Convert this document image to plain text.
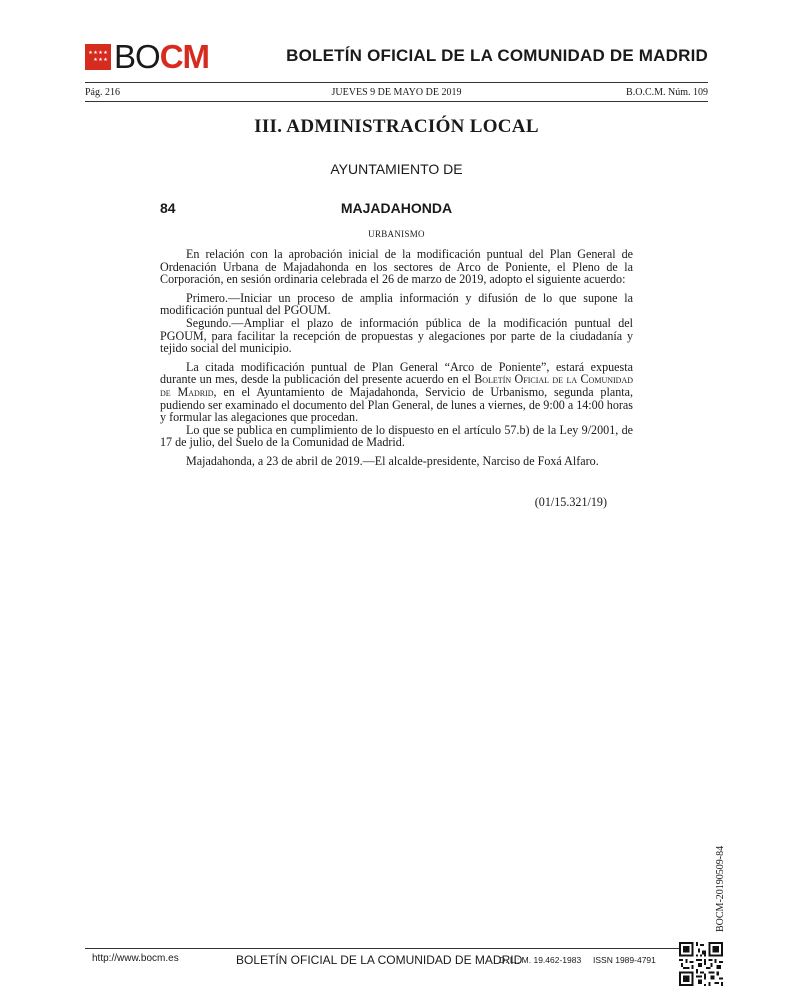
★ ★ ★ ★
★ ★ ★ BOCM	BOLETÍN OFICIAL DE LA COMUNIDAD DE MADRID
JUEVES 9 DE MAYO DE 2019
Pág. 216	B.O.C.M. Núm. 109
III. ADMINISTRACIÓN LOCAL
AYUNTAMIENTO DE
MAJADAHONDA
84
URBANISMO

En relación con la aprobación inicial de la modificación puntual del Plan General de Ordenación Urbana de Majadahonda en los sectores de Arco de Poniente, el Pleno de la Corporación, en sesión ordinaria celebrada el 26 de marzo de 2019, adopto el siguiente acuerdo:

Primero.—Iniciar un proceso de amplia información y difusión de lo que supone la modificación puntual del PGOUM.

Segundo.—Ampliar el plazo de información pública de la modificación puntual del PGOUM, para facilitar la recepción de propuestas y alegaciones por parte de la ciudadanía y tejido social del municipio.

La citada modificación puntual de Plan General “Arco de Poniente”, estará expuesta durante un mes, desde la publicación del presente acuerdo en el Boletín Oficial de la Comunidad de Madrid, en el Ayuntamiento de Majadahonda, Servicio de Urbanismo, segunda planta, pudiendo ser examinado el documento del Plan General, de lunes a viernes, de 9:00 a 14:00 horas y formular las alegaciones que procedan.

Lo que se publica en cumplimiento de lo dispuesto en el artículo 57.b) de la Ley 9/2001, de 17 de julio, del Suelo de la Comunidad de Madrid.

Majadahonda, a 23 de abril de 2019.—El alcalde-presidente, Narciso de Foxá Alfaro.

(01/15.321/19)
BOCM-20190509-84
http://www.bocm.es	BOLETÍN OFICIAL DE LA COMUNIDAD DE MADRID
D. L.: M. 19.462-1983     ISSN 1989-4791
